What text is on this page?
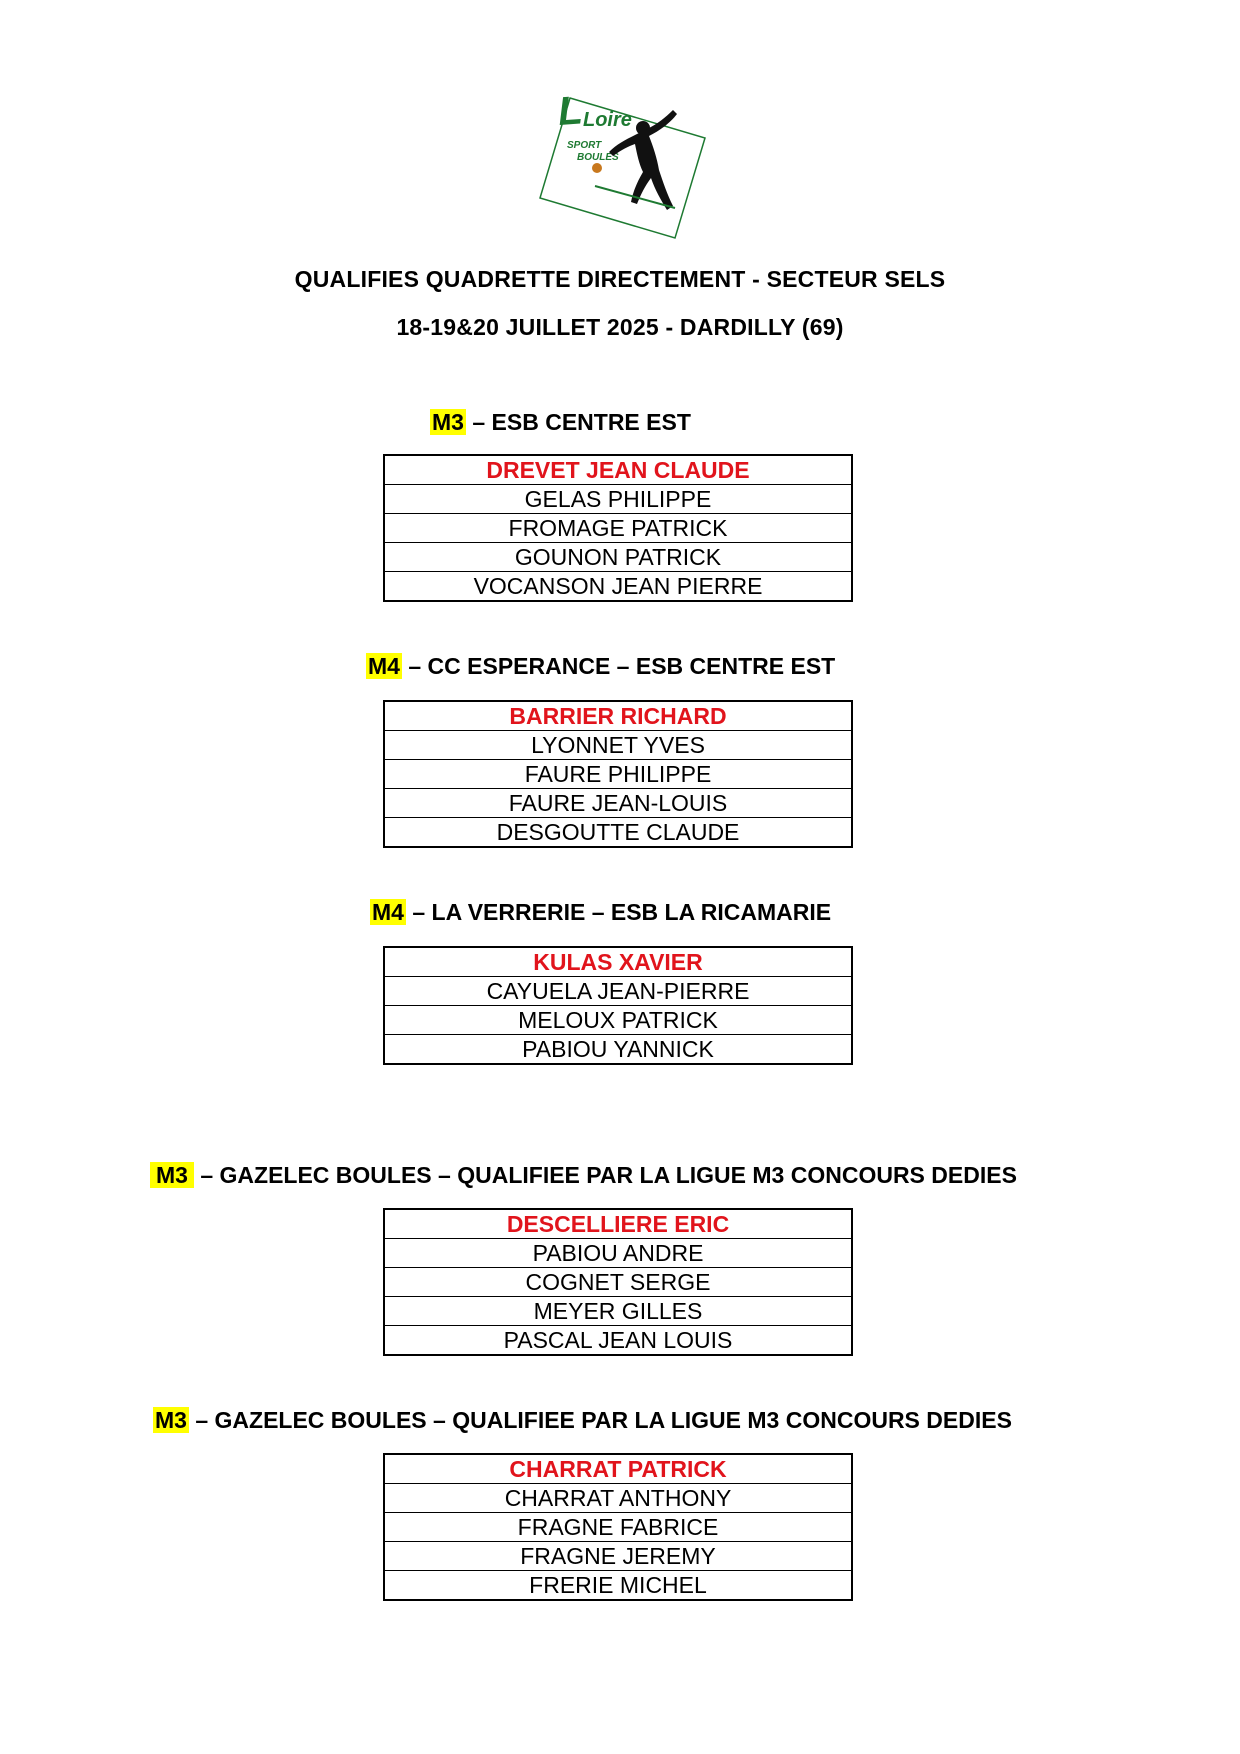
L
Loire
SPORT
BOULES
QUALIFIES QUADRETTE DIRECTEMENT - SECTEUR SELS
18-19&20 JUILLET 2025 - DARDILLY (69)
M3 – ESB CENTRE EST
DREVET JEAN CLAUDE
GELAS PHILIPPE
FROMAGE PATRICK
GOUNON PATRICK
VOCANSON JEAN PIERRE
M4 – CC ESPERANCE – ESB CENTRE EST
BARRIER RICHARD
LYONNET YVES
FAURE PHILIPPE
FAURE JEAN-LOUIS
DESGOUTTE CLAUDE
M4 – LA VERRERIE – ESB LA RICAMARIE
KULAS XAVIER
CAYUELA JEAN-PIERRE
MELOUX PATRICK
PABIOU YANNICK
M3 – GAZELEC BOULES – QUALIFIEE PAR LA LIGUE M3 CONCOURS DEDIES
DESCELLIERE ERIC
PABIOU ANDRE
COGNET SERGE
MEYER GILLES
PASCAL JEAN LOUIS
M3 – GAZELEC BOULES – QUALIFIEE PAR LA LIGUE M3 CONCOURS DEDIES
CHARRAT PATRICK
CHARRAT ANTHONY
FRAGNE FABRICE
FRAGNE JEREMY
FRERIE MICHEL
